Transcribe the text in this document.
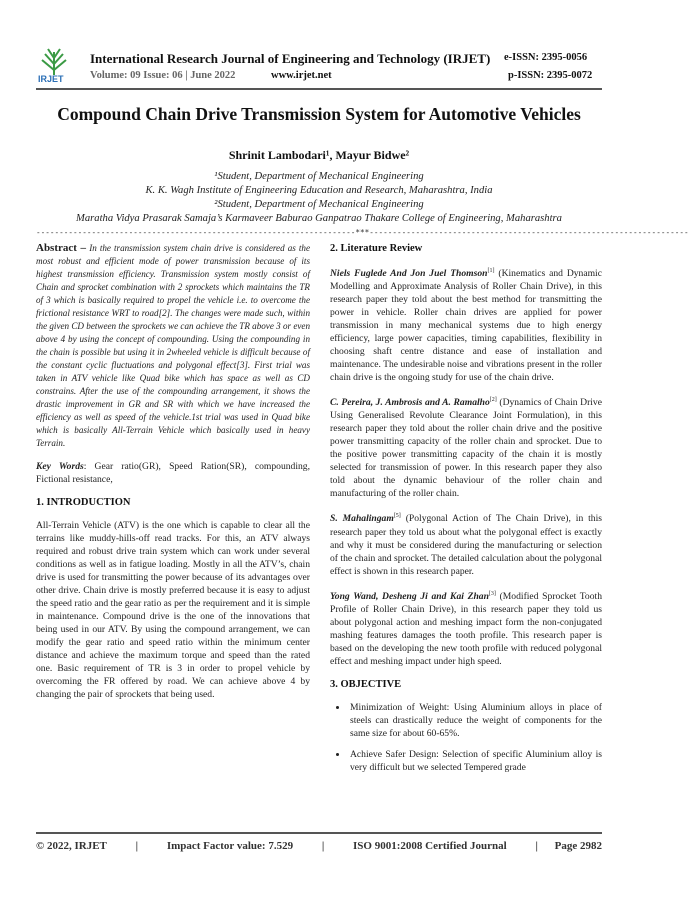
IRJET
International Research Journal of Engineering and Technology (IRJET)
Volume: 09 Issue: 06 | June 2022	www.irjet.net
e-ISSN: 2395-0056
p-ISSN: 2395-0072
Compound Chain Drive Transmission System for Automotive Vehicles
Shrinit Lambodari¹, Mayur Bidwe²
¹Student, Department of Mechanical Engineering
K. K. Wagh Institute of Engineering Education and Research, Maharashtra, India
²Student, Department of Mechanical Engineering
Maratha Vidya Prasarak Samaja’s Karmaveer Baburao Ganpatrao Thakare College of Engineering, Maharashtra
---------------------------------------------------------------------***---------------------------------------------------------------------

Abstract – In the transmission system chain drive is considered as the most robust and efficient mode of power transmission because of its highest transmission efficiency. Transmission system mostly consist of Chain and sprocket combination with 2 sprockets which maintains the TR of 3 which is basically required to propel the vehicle i.e. to overcome the frictional resistance WRT to road[2]. The changes were made such, within the given CD between the sprockets we can achieve the TR above 3 or even above 4 by using the concept of compounding. Using the compounding in the chain is possible but using it in 2wheeled vehicle is difficult because of the constant cyclic fluctuations and polygonal effect[3]. First trial was taken in ATV vehicle like Quad bike which has space as well as CD constrains. After the use of the compounding arrangement, it shows the drastic improvement in GR and SR with which we have increased the efficiency as well as speed of the vehicle.1st trial was used in Quad bike which is basically All-Terrain Vehicle which basically used in heavy Terrain.

Key Words: Gear ratio(GR), Speed Ration(SR), compounding, Fictional resistance,

1. INTRODUCTION

All-Terrain Vehicle (ATV) is the one which is capable to clear all the terrains like muddy-hills-off read tracks. For this, an ATV always required and robust drive train system which can work under several conditions as well as in fatigue loading. Mostly in all the ATV’s, chain drive is used for transmitting the power because of its advantages over other drive. Chain drive is mostly preferred because it is easy to adjust the speed ratio and the gear ratio as per the requirement and it is simple in maintenance. Compound drive is the one of the innovations that being used in our ATV. By using the compound arrangement, we can modify the gear ratio and speed ratio within the minimum center distance and achieve the maximum torque and speed than the rated one. Basic requirement of TR is 3 in order to propel vehicle by overcoming the FR offered by road. We can achieve above 4 by changing the pair of sprockets that being used.

2. Literature Review

Niels Fuglede And Jon Juel Thomson[1] (Kinematics and Dynamic Modelling and Approximate Analysis of Roller Chain Drive), in this research paper they told about the best method for transmitting the power in vehicle. Roller chain drives are applied for power transmission in many mechanical systems due to high energy efficiency, large power capacities, timing capabilities, flexibility in choosing shaft centre distance and ease of installation and maintenance. The undesirable noise and vibrations present in the roller chain drive is the ongoing study for use of the chain drive.

C. Pereira, J. Ambrosis and A. Ramalho[2] (Dynamics of Chain Drive Using Generalised Revolute Clearance Joint Formulation), in this research paper they told about the roller chain drive and the positive power transmitting capacity of the roller chain and sprocket. Due to the positive power transmitting capacity of the chain it is mostly selected for transmission of power. In this research paper they also told about the dynamic behaviour of the roller chain and manufacturing of the roller chain.

S. Mahalingam[5] (Polygonal Action of The Chain Drive), in this research paper they told us about what the polygonal effect is exactly and why it must be considered during the manufacturing or selection of the chain and sprocket. The detailed calculation about the polygonal effect is shown in this research paper.

Yong Wand, Desheng Ji and Kai Zhan[3] (Modified Sprocket Tooth Profile of Roller Chain Drive), in this research paper they told us about polygonal action and meshing impact form the non-conjugated mashing features damages the tooth profile. This research paper is based on the developing the new tooth profile with reduced polygonal effect and meshing impact under high speed.

3. OBJECTIVE
• Minimization of Weight: Using Aluminium alloys in place of steels can drastically reduce the weight of components for the same size for about 60-65%.
• Achieve Safer Design: Selection of specific Aluminium alloy is very difficult but we selected Tempered grade
© 2022, IRJET	|	Impact Factor value: 7.529	|	ISO 9001:2008 Certified Journal	| Page 2982
